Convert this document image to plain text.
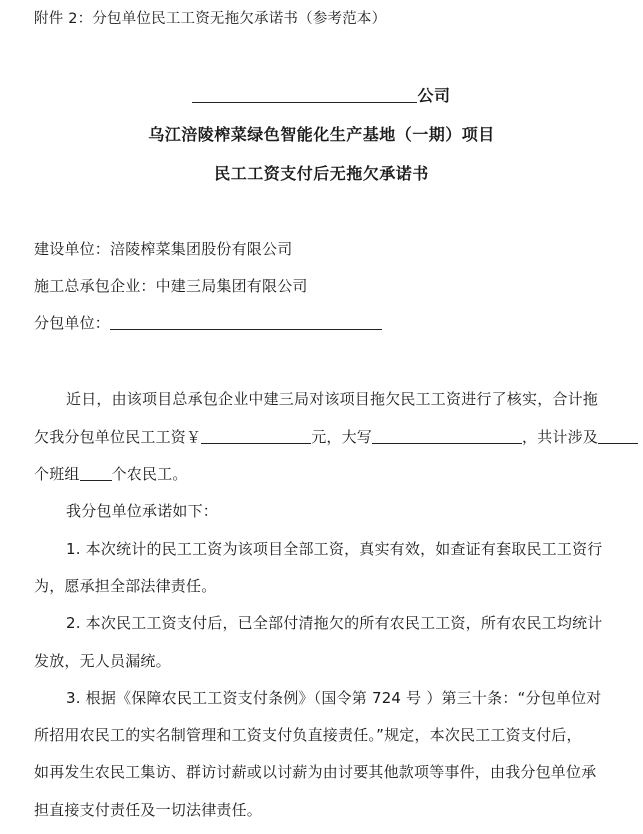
附件 2：分包单位民工工资无拖欠承诺书（参考范本）
公司
乌江涪陵榨菜绿色智能化生产基地（一期）项目
民工工资支付后无拖欠承诺书
建设单位：涪陵榨菜集团股份有限公司
施工总承包企业：中建三局集团有限公司
分包单位：
近日，由该项目总承包企业中建三局对该项目拖欠民工工资进行了核实，合计拖
欠我分包单位民工工资￥	元，大写	，共计涉及
个班组 个农民工。
我分包单位承诺如下：
1. 本次统计的民工工资为该项目全部工资，真实有效，如查证有套取民工工资行
为，愿承担全部法律责任。
2. 本次民工工资支付后，已全部付清拖欠的所有农民工工资，所有农民工均统计
发放，无人员漏统。
3. 根据《保障农民工工资支付条例》（国令第 724 号 ）第三十条：“分包单位对
所招用农民工的实名制管理和工资支付负直接责任。”规定，本次民工工资支付后，
如再发生农民工集访、群访讨薪或以讨薪为由讨要其他款项等事件，由我分包单位承
担直接支付责任及一切法律责任。
